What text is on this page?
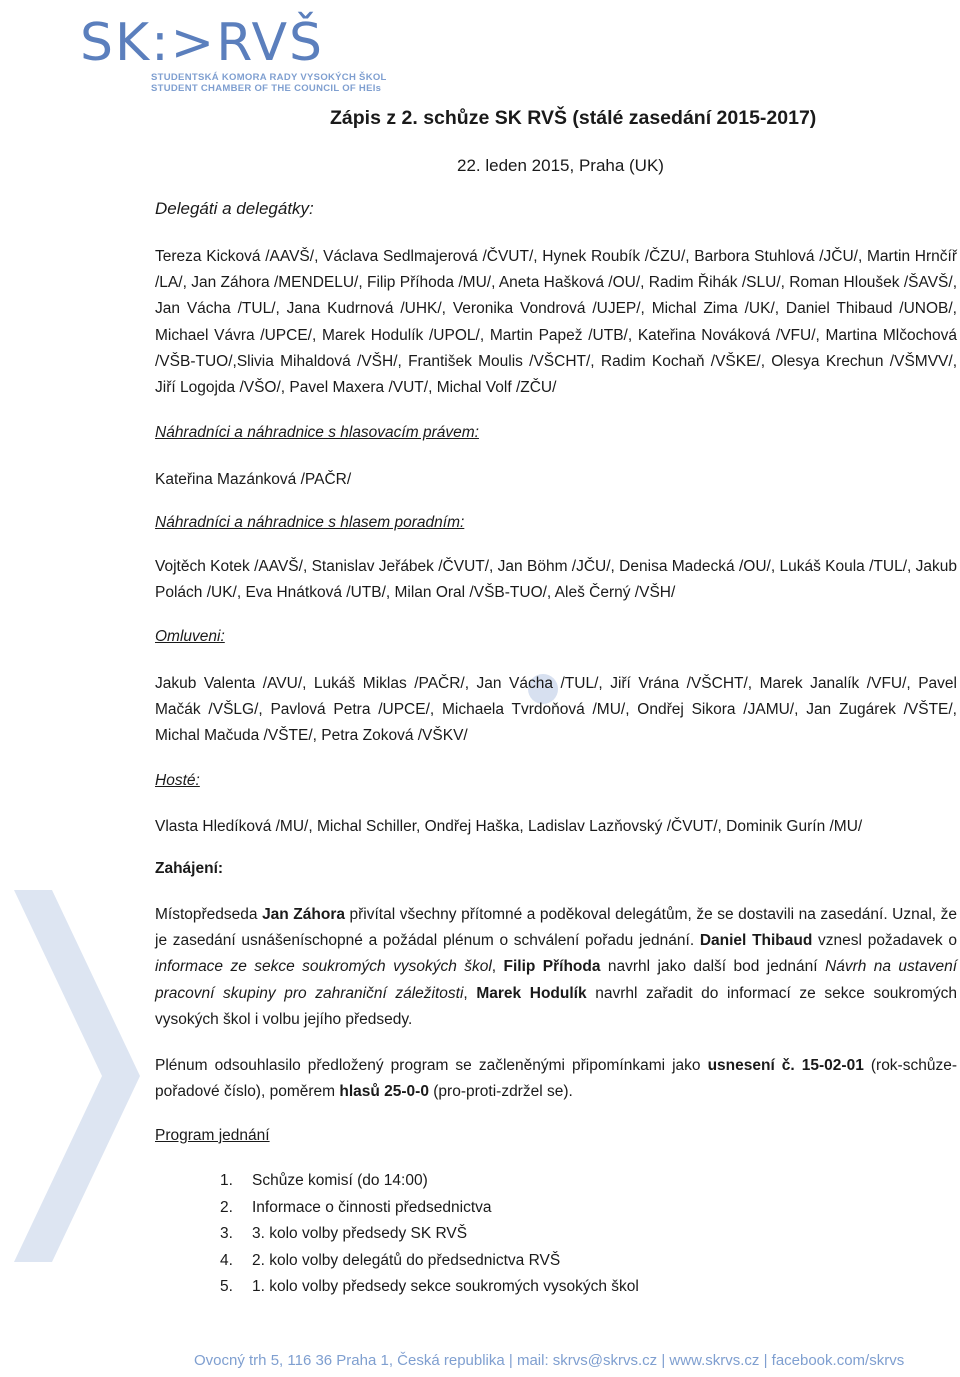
SK:>RVŠ
STUDENTSKÁ KOMORA RADY VYSOKÝCH ŠKOL
STUDENT CHAMBER OF THE COUNCIL OF HEIs
Zápis z 2. schůze SK RVŠ (stálé zasedání 2015-2017)
22. leden 2015, Praha (UK)
Delegáti a delegátky:

Tereza Kicková /AAVŠ/, Václava Sedlmajerová /ČVUT/, Hynek Roubík /ČZU/, Barbora Stuhlová /JČU/, Martin Hrnčíř /LA/, Jan Záhora /MENDELU/, Filip Příhoda /MU/, Aneta Hašková /OU/, Radim Řihák /SLU/, Roman Hloušek /ŠAVŠ/, Jan Vácha /TUL/, Jana Kudrnová /UHK/, Veronika Vondrová /UJEP/, Michal Zima /UK/, Daniel Thibaud /UNOB/, Michael Vávra /UPCE/, Marek Hodulík /UPOL/, Martin Papež /UTB/, Kateřina Nováková /VFU/, Martina Mlčochová /VŠB-TUO/,Slivia Mihaldová /VŠH/, František Moulis /VŠCHT/, Radim Kochaň /VŠKE/, Olesya Krechun /VŠMVV/, Jiří Logojda /VŠO/, Pavel Maxera /VUT/, Michal Volf /ZČU/

Náhradníci a náhradnice s hlasovacím právem:

Kateřina Mazánková /PAČR/

Náhradníci a náhradnice s hlasem poradním:

Vojtěch Kotek /AAVŠ/, Stanislav Jeřábek /ČVUT/, Jan Böhm /JČU/, Denisa Madecká /OU/, Lukáš Koula /TUL/, Jakub Polách /UK/, Eva Hnátková /UTB/, Milan Oral /VŠB-TUO/, Aleš Černý /VŠH/

Omluveni:

Jakub Valenta /AVU/, Lukáš Miklas /PAČR/, Jan Vácha /TUL/, Jiří Vrána /VŠCHT/, Marek Janalík /VFU/, Pavel Mačák /VŠLG/, Pavlová Petra /UPCE/, Michaela Tvrdoňová /MU/, Ondřej Sikora /JAMU/, Jan Zugárek /VŠTE/, Michal Mačuda /VŠTE/, Petra Zoková /VŠKV/

Hosté:

Vlasta Hledíková /MU/, Michal Schiller, Ondřej Haška, Ladislav Lazňovský /ČVUT/, Dominik Gurín /MU/

Zahájení:

Místopředseda Jan Záhora přivítal všechny přítomné a poděkoval delegátům, že se dostavili na zasedání. Uznal, že je zasedání usnášeníschopné a požádal plénum o schválení pořadu jednání. Daniel Thibaud vznesl požadavek o informace ze sekce soukromých vysokých škol, Filip Příhoda navrhl jako další bod jednání Návrh na ustavení pracovní skupiny pro zahraniční záležitosti, Marek Hodulík navrhl zařadit do informací ze sekce soukromých vysokých škol i volbu jejího předsedy.

Plénum odsouhlasilo předložený program se začleněnými připomínkami jako usnesení č. 15-02-01 (rok-schůze-pořadové číslo), poměrem hlasů 25-0-0 (pro-proti-zdržel se).

Program jednání
1. Schůze komisí (do 14:00)
2. Informace o činnosti předsednictva
3. 3. kolo volby předsedy SK RVŠ
4. 2. kolo volby delegátů do předsednictva RVŠ
5. 1. kolo volby předsedy sekce soukromých vysokých škol
Ovocný trh 5, 116 36 Praha 1, Česká republika | mail: skrvs@skrvs.cz | www.skrvs.cz | facebook.com/skrvs
